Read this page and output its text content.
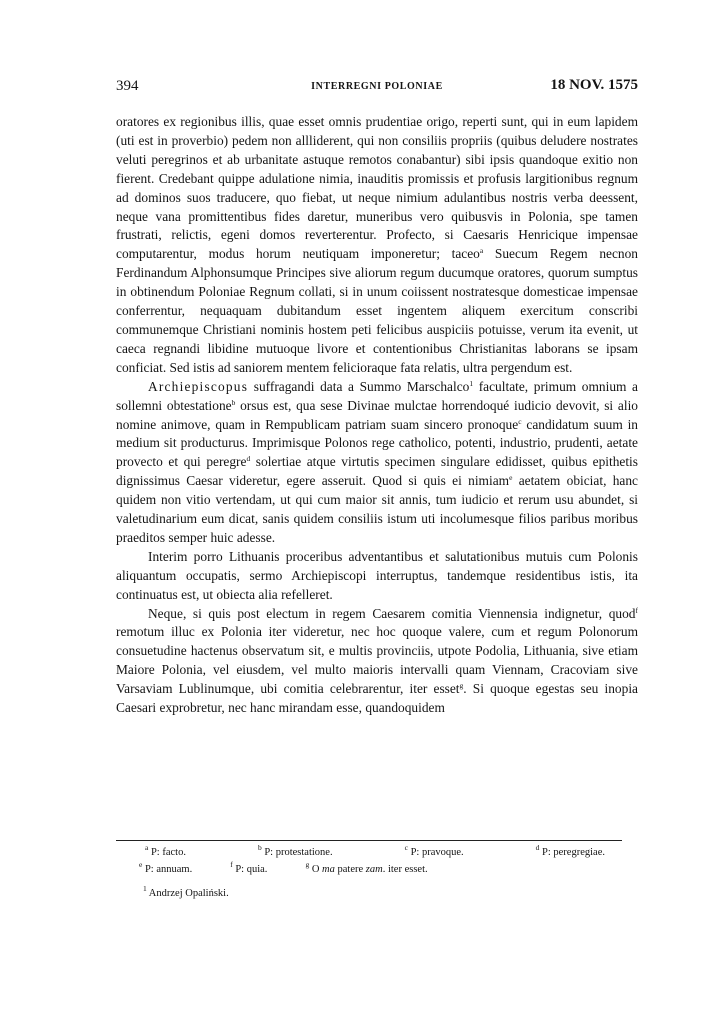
394	INTERREGNI POLONIAE	18 NOV. 1575

oratores ex regionibus illis, quae esset omnis prudentiae origo, reperti sunt, qui in eum lapidem (uti est in proverbio) pedem non allliderent, qui non consiliis propriis (quibus deludere nostrates veluti peregrinos et ab urbanitate astuque remotos conabantur) sibi ipsis quandoque exitio non fierent. Credebant quippe adulatione nimia, inauditis promissis et profusis largitionibus regnum ad dominos suos traducere, quo fiebat, ut neque nimium adulantibus nostris verba deessent, neque vana promittentibus fides daretur, muneribus vero quibusvis in Polonia, spe tamen frustrati, relictis, egeni domos reverterentur. Profecto, si Caesaris Henricique impensae computarentur, modus horum neutiquam imponeretur; taceo$^a$ Suecum Regem necnon Ferdinandum Alphonsumque Principes sive aliorum regum ducumque oratores, quorum sumptus in obtinendum Poloniae Regnum collati, si in unum coiissent nostratesque domesticae impensae conferrentur, nequaquam dubitandum esset ingentem aliquem exercitum conscribi communemque Christiani nominis hostem peti felicibus auspiciis potuisse, verum ita evenit, ut caeca regnandi libidine mutuoque livore et contentionibus Christianitas laborans se ipsam conficiat. Sed istis ad saniorem mentem felicioraque fata relatis, ultra pergendum est.

Archiepiscopus suffragandi data a Summo Marschalco$^1$ facultate, primum omnium a sollemni obtestatione$^b$ orsus est, qua sese Divinae mulctae horrendoqué iudicio devovit, si alio nomine animove, quam in Rempublicam patriam suam sincero pronoque$^c$ candidatum suum in medium sit producturus. Imprimisque Polonos rege catholico, potenti, industrio, prudenti, aetate provecto et qui peregre$^d$ solertiae atque virtutis specimen singulare edidisset, quibus epithetis dignissimus Caesar videretur, egere asseruit. Quod si quis ei nimiam$^e$ aetatem obiciat, hanc quidem non vitio vertendam, ut qui cum maior sit annis, tum iudicio et rerum usu abundet, si valetudinarium eum dicat, sanis quidem consiliis istum uti incolumesque filios paribus moribus praeditos semper huic adesse.

Interim porro Lithuanis proceribus adventantibus et salutationibus mutuis cum Polonis aliquantum occupatis, sermo Archiepiscopi interruptus, tandemque residentibus istis, ita continuatus est, ut obiecta alia refelleret.

Neque, si quis post electum in regem Caesarem comitia Viennensia indignetur, quod$^f$ remotum illuc ex Polonia iter videretur, nec hoc quoque valere, cum et regum Polonorum consuetudine hactenus observatum sit, e multis provinciis, utpote Podolia, Lithuania, sive etiam Maiore Polonia, vel eiusdem, vel multo maioris intervalli quam Viennam, Cracoviam sive Varsaviam Lublinumque, ubi comitia celebrarentur, iter esset$^g$. Si quoque egestas seu inopia Caesari exprobretur, nec hanc mirandam esse, quandoquidem

$^a$ P: facto.	$^b$ P: protestatione.	$^c$ P: pravoque.	$^d$ P: peregregiae.
$^e$ P: annuam.	$^f$ P: quia.	$^g$ O ma patere zam. iter esset.
$^1$ Andrzej Opaliński.
